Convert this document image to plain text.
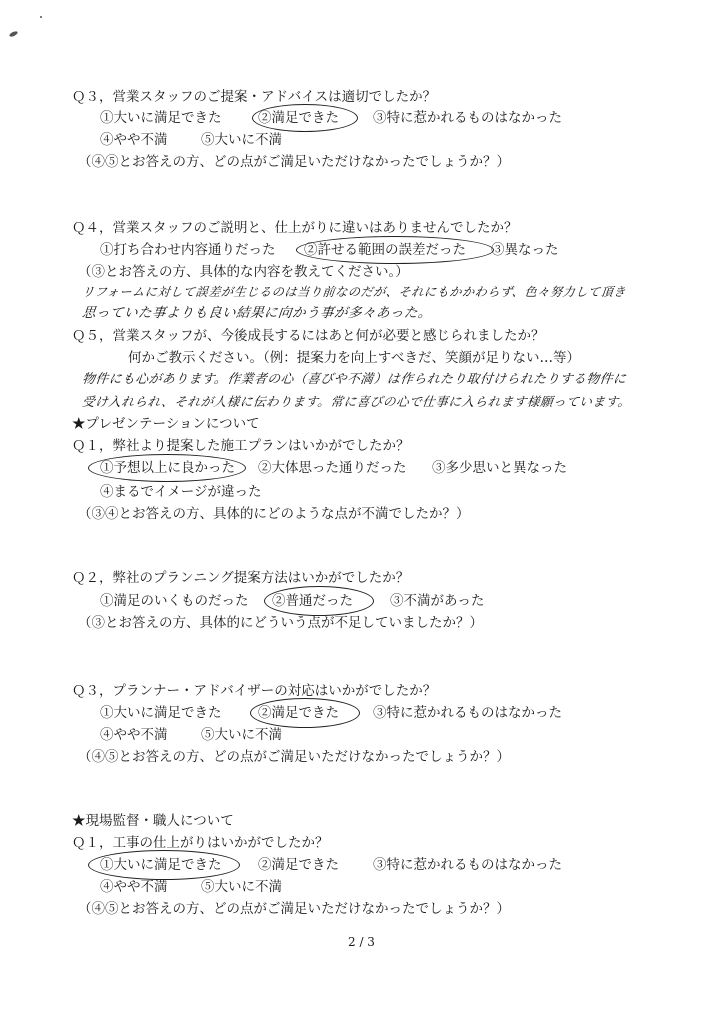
Ｑ３，営業スタッフのご提案・アドバイスは適切でしたか？
①大いに満足できた	②満足できた	③特に惹かれるものはなかった
④やや不満 ⑤大いに不満
（④⑤とお答えの方、どの点がご満足いただけなかったでしょうか？）
Ｑ４，営業スタッフのご説明と、仕上がりに違いはありませんでしたか？
①打ち合わせ内容通りだった ②許せる範囲の誤差だった ③異なった
（③とお答えの方、具体的な内容を教えてください。）
リフォームに対して誤差が生じるのは当り前なのだが、それにもかかわらず、色々努力して頂き
思っていた事よりも良い結果に向かう事が多々あった。
Ｑ５，営業スタッフが、今後成長するにはあと何が必要と感じられましたか？
何かご教示ください。（例：提案力を向上すべきだ、笑顔が足りない…等）
物件にも心があります。作業者の心（喜びや不満）は作られたり取付けられたりする物件に
受け入れられ、それが人様に伝わります。常に喜びの心で仕事に入られます様願っています。
★プレゼンテーションについて
Ｑ１，弊社より提案した施工プランはいかがでしたか？
①予想以上に良かった ②大体思った通りだった ③多少思いと異なった
④まるでイメージが違った
（③④とお答えの方、具体的にどのような点が不満でしたか？）
Ｑ２，弊社のプランニング提案方法はいかがでしたか？
①満足のいくものだった ②普通だった	③不満があった
（③とお答えの方、具体的にどういう点が不足していましたか？）
Ｑ３，プランナー・アドバイザーの対応はいかがでしたか？
①大いに満足できた	②満足できた	③特に惹かれるものはなかった
④やや不満 ⑤大いに不満
（④⑤とお答えの方、どの点がご満足いただけなかったでしょうか？）
★現場監督・職人について
Ｑ１，工事の仕上がりはいかがでしたか？
①大いに満足できた	②満足できた	③特に惹かれるものはなかった
④やや不満 ⑤大いに不満
（④⑤とお答えの方、どの点がご満足いただけなかったでしょうか？）
2 / 3
